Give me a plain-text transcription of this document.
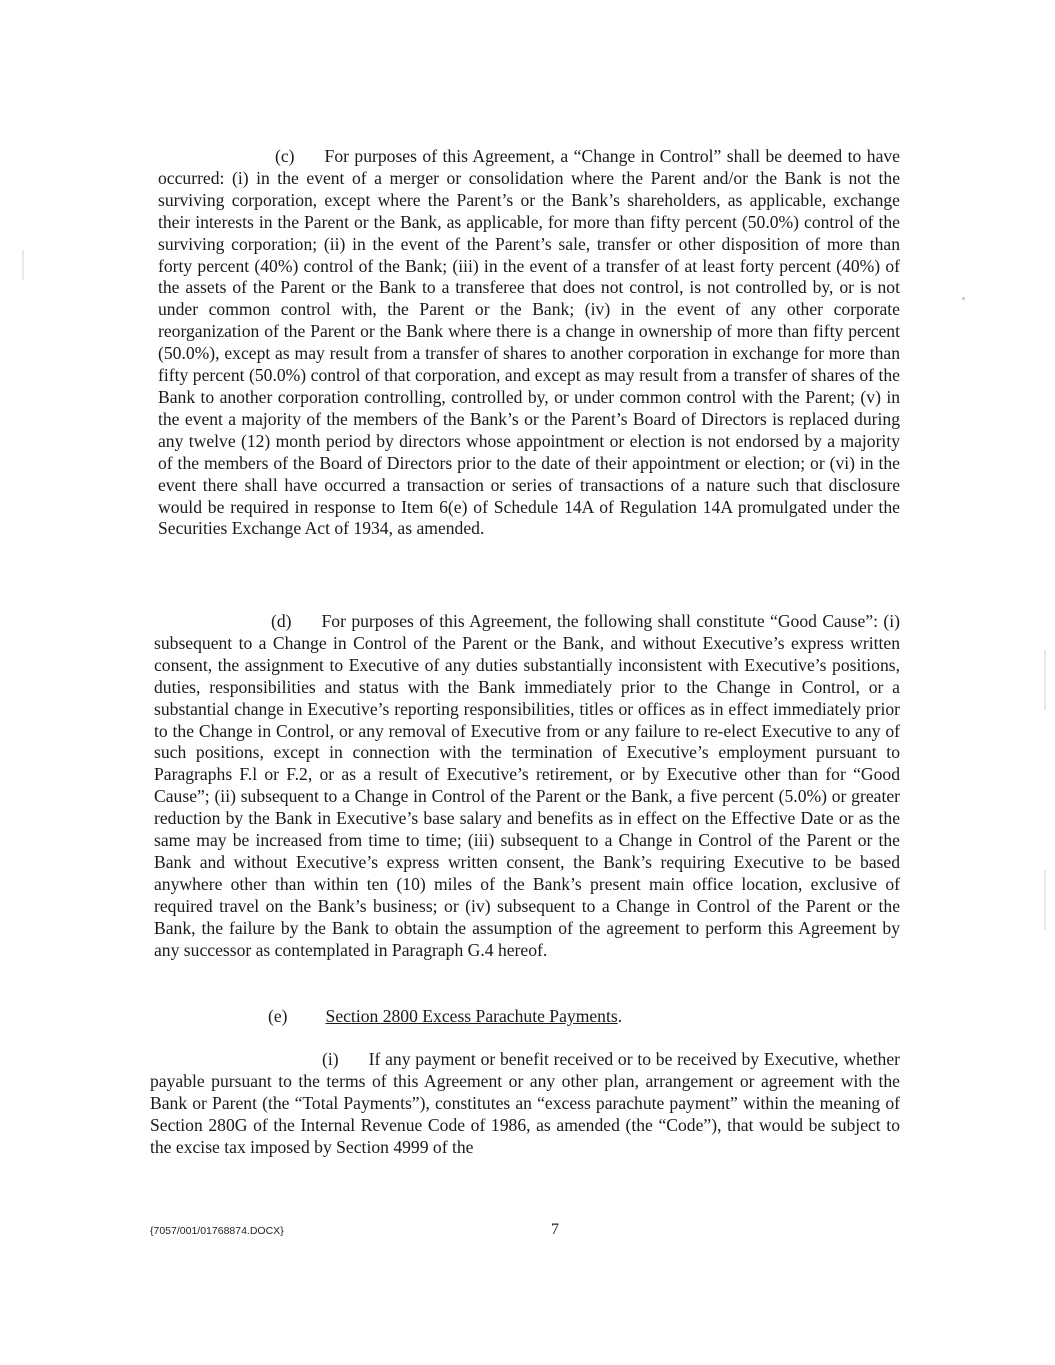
(c) For purposes of this Agreement, a “Change in Control” shall be deemed to have occurred: (i) in the event of a merger or consolidation where the Parent and/or the Bank is not the surviving corporation, except where the Parent’s or the Bank’s shareholders, as applicable, exchange their interests in the Parent or the Bank, as applicable, for more than fifty percent (50.0%) control of the surviving corporation; (ii) in the event of the Parent’s sale, transfer or other disposition of more than forty percent (40%) control of the Bank; (iii) in the event of a transfer of at least forty percent (40%) of the assets of the Parent or the Bank to a transferee that does not control, is not controlled by, or is not under common control with, the Parent or the Bank; (iv) in the event of any other corporate reorganization of the Parent or the Bank where there is a change in ownership of more than fifty percent (50.0%), except as may result from a transfer of shares to another corporation in exchange for more than fifty percent (50.0%) control of that corporation, and except as may result from a transfer of shares of the Bank to another corporation controlling, controlled by, or under common control with the Parent; (v) in the event a majority of the members of the Bank’s or the Parent’s Board of Directors is replaced during any twelve (12) month period by directors whose appointment or election is not endorsed by a majority of the members of the Board of Directors prior to the date of their appointment or election; or (vi) in the event there shall have occurred a transaction or series of transactions of a nature such that disclosure would be required in response to Item 6(e) of Schedule 14A of Regulation 14A promulgated under the Securities Exchange Act of 1934, as amended.

(d) For purposes of this Agreement, the following shall constitute “Good Cause”: (i) subsequent to a Change in Control of the Parent or the Bank, and without Executive’s express written consent, the assignment to Executive of any duties substantially inconsistent with Executive’s positions, duties, responsibilities and status with the Bank immediately prior to the Change in Control, or a substantial change in Executive’s reporting responsibilities, titles or offices as in effect immediately prior to the Change in Control, or any removal of Executive from or any failure to re-elect Executive to any of such positions, except in connection with the termination of Executive’s employment pursuant to Paragraphs F.l or F.2, or as a result of Executive’s retirement, or by Executive other than for “Good Cause”; (ii) subsequent to a Change in Control of the Parent or the Bank, a five percent (5.0%) or greater reduction by the Bank in Executive’s base salary and benefits as in effect on the Effective Date or as the same may be increased from time to time; (iii) subsequent to a Change in Control of the Parent or the Bank and without Executive’s express written consent, the Bank’s requiring Executive to be based anywhere other than within ten (10) miles of the Bank’s present main office location, exclusive of required travel on the Bank’s business; or (iv) subsequent to a Change in Control of the Parent or the Bank, the failure by the Bank to obtain the assumption of the agreement to perform this Agreement by any successor as contemplated in Paragraph G.4 hereof.

(e) Section 2800 Excess Parachute Payments.

(i) If any payment or benefit received or to be received by Executive, whether payable pursuant to the terms of this Agreement or any other plan, arrangement or agreement with the Bank or Parent (the “Total Payments”), constitutes an “excess parachute payment” within the meaning of Section 280G of the Internal Revenue Code of 1986, as amended (the “Code”), that would be subject to the excise tax imposed by Section 4999 of the

{7057/001/01768874.DOCX}	7
